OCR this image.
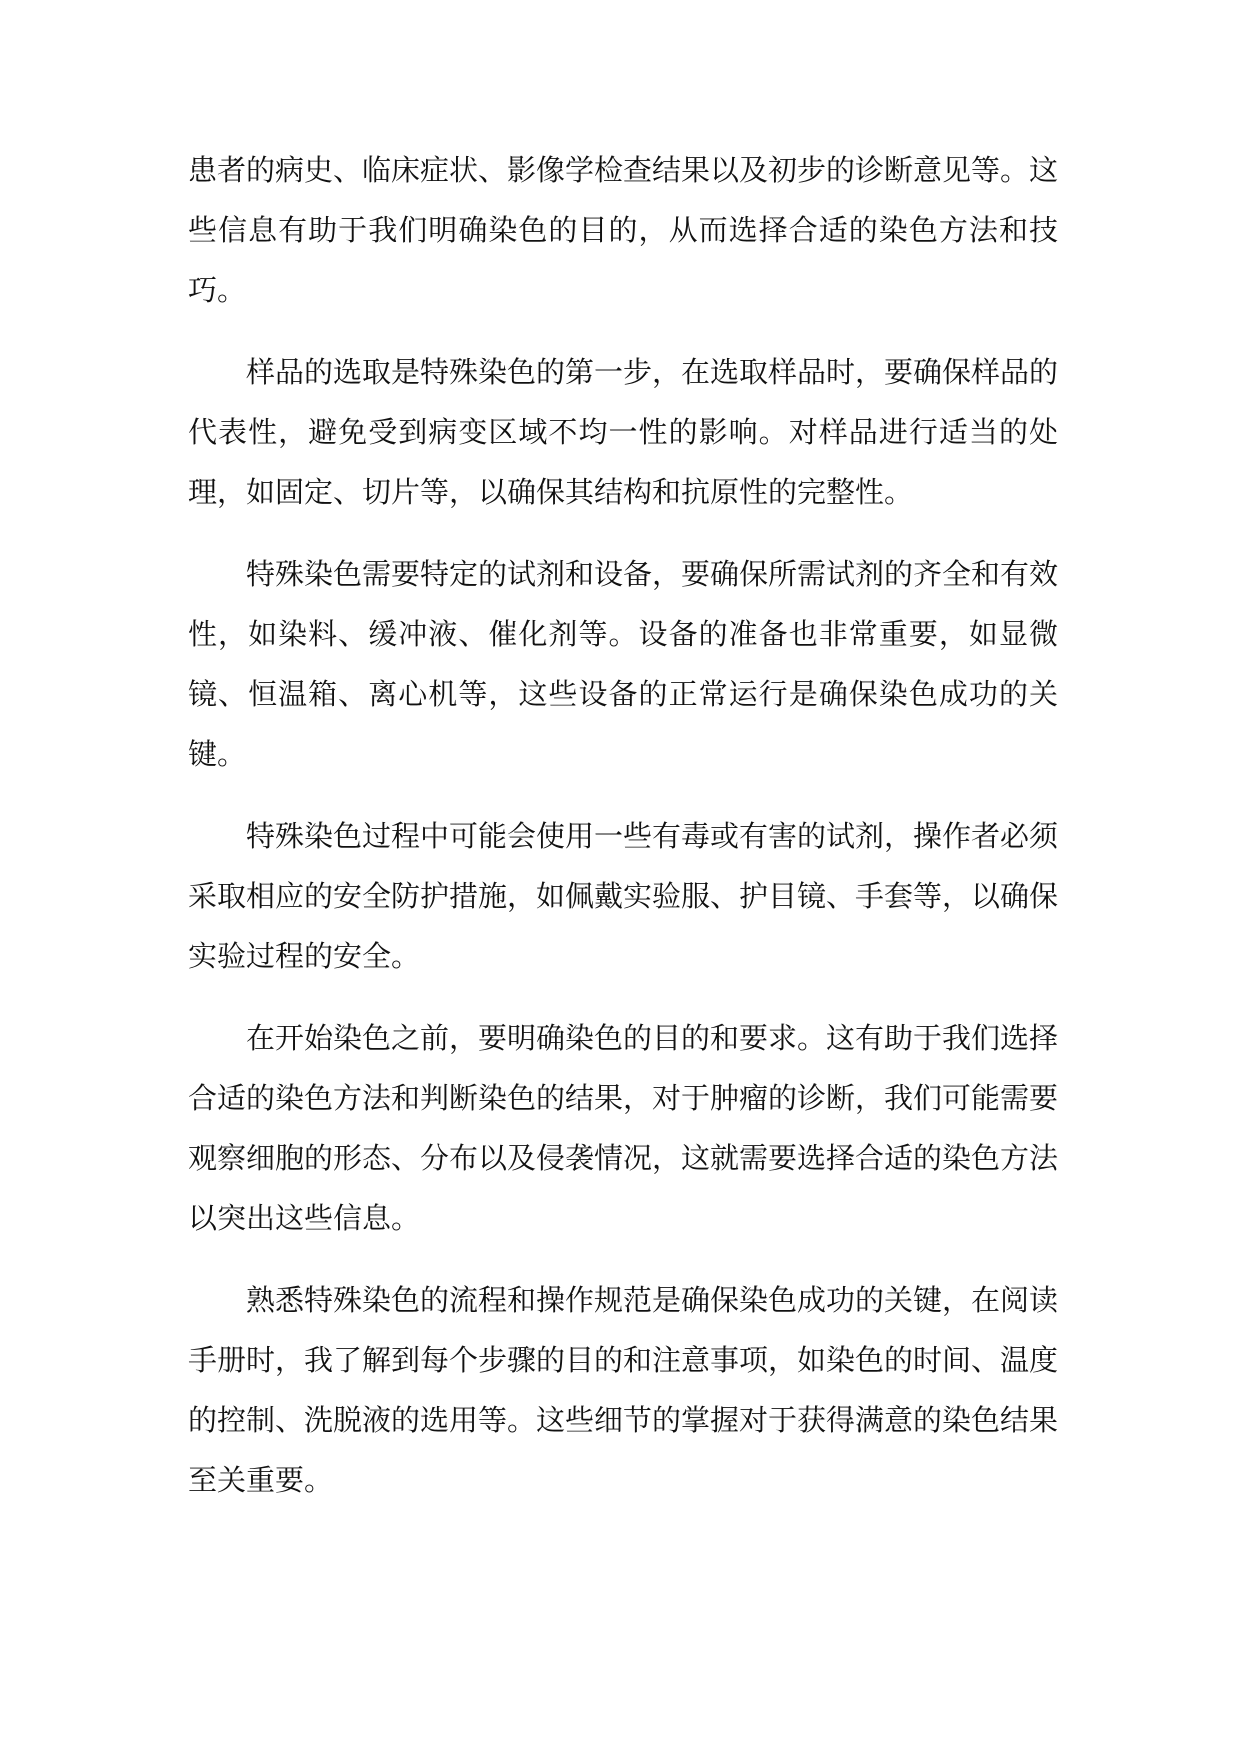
患者的病史、临床症状、影像学检查结果以及初步的诊断意见等。这些信息有助于我们明确染色的目的，从而选择合适的染色方法和技巧。

样品的选取是特殊染色的第一步，在选取样品时，要确保样品的代表性，避免受到病变区域不均一性的影响。对样品进行适当的处理，如固定、切片等，以确保其结构和抗原性的完整性。

特殊染色需要特定的试剂和设备，要确保所需试剂的齐全和有效性，如染料、缓冲液、催化剂等。设备的准备也非常重要，如显微镜、恒温箱、离心机等，这些设备的正常运行是确保染色成功的关键。

特殊染色过程中可能会使用一些有毒或有害的试剂，操作者必须采取相应的安全防护措施，如佩戴实验服、护目镜、手套等，以确保实验过程的安全。

在开始染色之前，要明确染色的目的和要求。这有助于我们选择合适的染色方法和判断染色的结果，对于肿瘤的诊断，我们可能需要观察细胞的形态、分布以及侵袭情况，这就需要选择合适的染色方法以突出这些信息。

熟悉特殊染色的流程和操作规范是确保染色成功的关键，在阅读手册时，我了解到每个步骤的目的和注意事项，如染色的时间、温度的控制、洗脱液的选用等。这些细节的掌握对于获得满意的染色结果至关重要。
